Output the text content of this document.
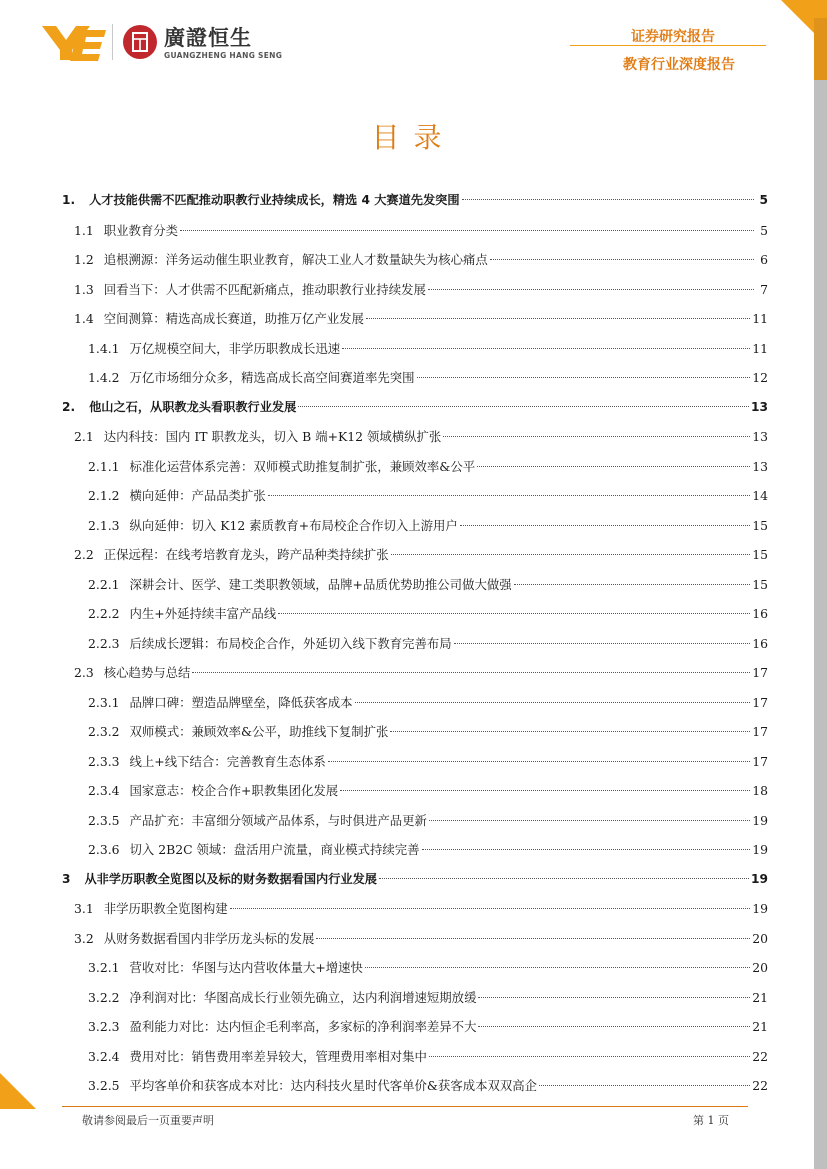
廣證恒生
GUANGZHENG HANG SENG
证券研究报告
教育行业深度报告
目录
1. 人才技能供需不匹配推动职教行业持续成长，精选 4 大赛道先发突围	5
1.1 职业教育分类	5
1.2 追根溯源：洋务运动催生职业教育，解决工业人才数量缺失为核心痛点	6
1.3 回看当下：人才供需不匹配新痛点，推动职教行业持续发展	7
1.4 空间测算：精选高成长赛道，助推万亿产业发展	11
1.4.1 万亿规模空间大，非学历职教成长迅速	11
1.4.2 万亿市场细分众多，精选高成长高空间赛道率先突围	12
2. 他山之石，从职教龙头看职教行业发展	13
2.1 达内科技：国内 IT 职教龙头，切入 B 端+K12 领域横纵扩张	13
2.1.1 标准化运营体系完善：双师模式助推复制扩张，兼顾效率&公平	13
2.1.2 横向延伸：产品品类扩张	14
2.1.3 纵向延伸：切入 K12 素质教育+布局校企合作切入上游用户	15
2.2 正保远程：在线考培教育龙头，跨产品种类持续扩张	15
2.2.1 深耕会计、医学、建工类职教领域，品牌+品质优势助推公司做大做强	15
2.2.2 内生+外延持续丰富产品线	16
2.2.3 后续成长逻辑：布局校企合作，外延切入线下教育完善布局	16
2.3 核心趋势与总结	17
2.3.1 品牌口碑：塑造品牌壁垒，降低获客成本	17
2.3.2 双师模式：兼顾效率&公平，助推线下复制扩张	17
2.3.3 线上+线下结合：完善教育生态体系	17
2.3.4 国家意志：校企合作+职教集团化发展	18
2.3.5 产品扩充：丰富细分领域产品体系，与时俱进产品更新	19
2.3.6 切入 2B2C 领域：盘活用户流量，商业模式持续完善	19
3 从非学历职教全览图以及标的财务数据看国内行业发展	19
3.1 非学历职教全览图构建	19
3.2 从财务数据看国内非学历龙头标的发展	20
3.2.1 营收对比：华图与达内营收体量大+增速快	20
3.2.2 净利润对比：华图高成长行业领先确立，达内利润增速短期放缓	21
3.2.3 盈利能力对比：达内恒企毛利率高，多家标的净利润率差异不大	21
3.2.4 费用对比：销售费用率差异较大，管理费用率相对集中	22
3.2.5 平均客单价和获客成本对比：达内科技火星时代客单价&获客成本双双高企	22
敬请参阅最后一页重要声明	第 1 页
